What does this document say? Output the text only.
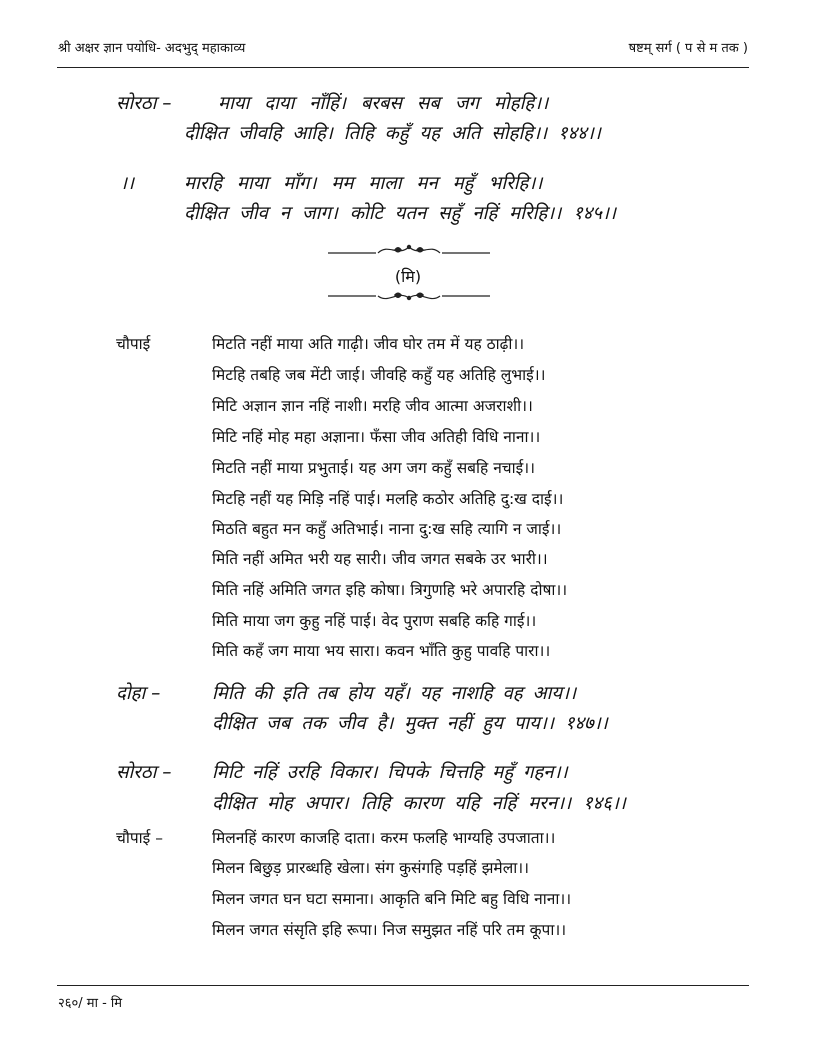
श्री अक्षर ज्ञान पयोधि- अदभुद् महाकाव्य	षष्टम् सर्ग ( प से म तक )
सोरठा –	माया दाया नाँहिं। बरबस सब जग मोहहि।।
दीक्षित जीवहि आहि। तिहि कहुँ यह अति सोहहि।। १४४।।
।।	मारहि माया माँग। मम माला मन महुँ भरिहि।।
दीक्षित जीव न जाग। कोटि यतन सहुँ नहिं मरिहि।। १४५।।
(मि)
चौपाई	मिटति नहीं माया अति गाढ़ी। जीव घोर तम में यह ठाढ़ी।।
मिटहि तबहि जब मेंटी जाई। जीवहि कहुँ यह अतिहि लुभाई।।
मिटि अज्ञान ज्ञान नहिं नाशी। मरहि जीव आत्मा अजराशी।।
मिटि नहिं मोह महा अज्ञाना। फँसा जीव अतिही विधि नाना।।
मिटति नहीं माया प्रभुताई। यह अग जग कहुँ सबहि नचाई।।
मिटहि नहीं यह मिड़ि नहिं पाई। मलहि कठोर अतिहि दु:ख दाई।।
मिठति बहुत मन कहुँ अतिभाई। नाना दु:ख सहि त्यागि न जाई।।
मिति नहीं अमित भरी यह सारी। जीव जगत सबके उर भारी।।
मिति नहिं अमिति जगत इहि कोषा। त्रिगुणहि भरे अपारहि दोषा।।
मिति माया जग कुहु नहिं पाई। वेद पुराण सबहि कहि गाई।।
मिति कहँ जग माया भय सारा। कवन भाँति कुहु पावहि पारा।।
दोहा –	मिति की इति तब होय यहँ। यह नाशहि वह आय।।
दीक्षित जब तक जीव है। मुक्त नहीं हुय पाय।। १४७।।
सोरठा – मिटि नहिं उरहि विकार। चिपके चित्तहि महुँ गहन।।
दीक्षित मोह अपार। तिहि कारण यहि नहिं मरन।। १४६।।
चौपाई –	मिलनहिं कारण काजहि दाता। करम फलहि भाग्यहि उपजाता।।
मिलन बिछुड़ प्रारब्धहि खेला। संग कुसंगहि पड़हिं झमेला।।
मिलन जगत घन घटा समाना। आकृति बनि मिटि बहु विधि नाना।।
मिलन जगत संसृति इहि रूपा। निज समुझत नहिं परि तम कूपा।।
२६०/ मा - मि
